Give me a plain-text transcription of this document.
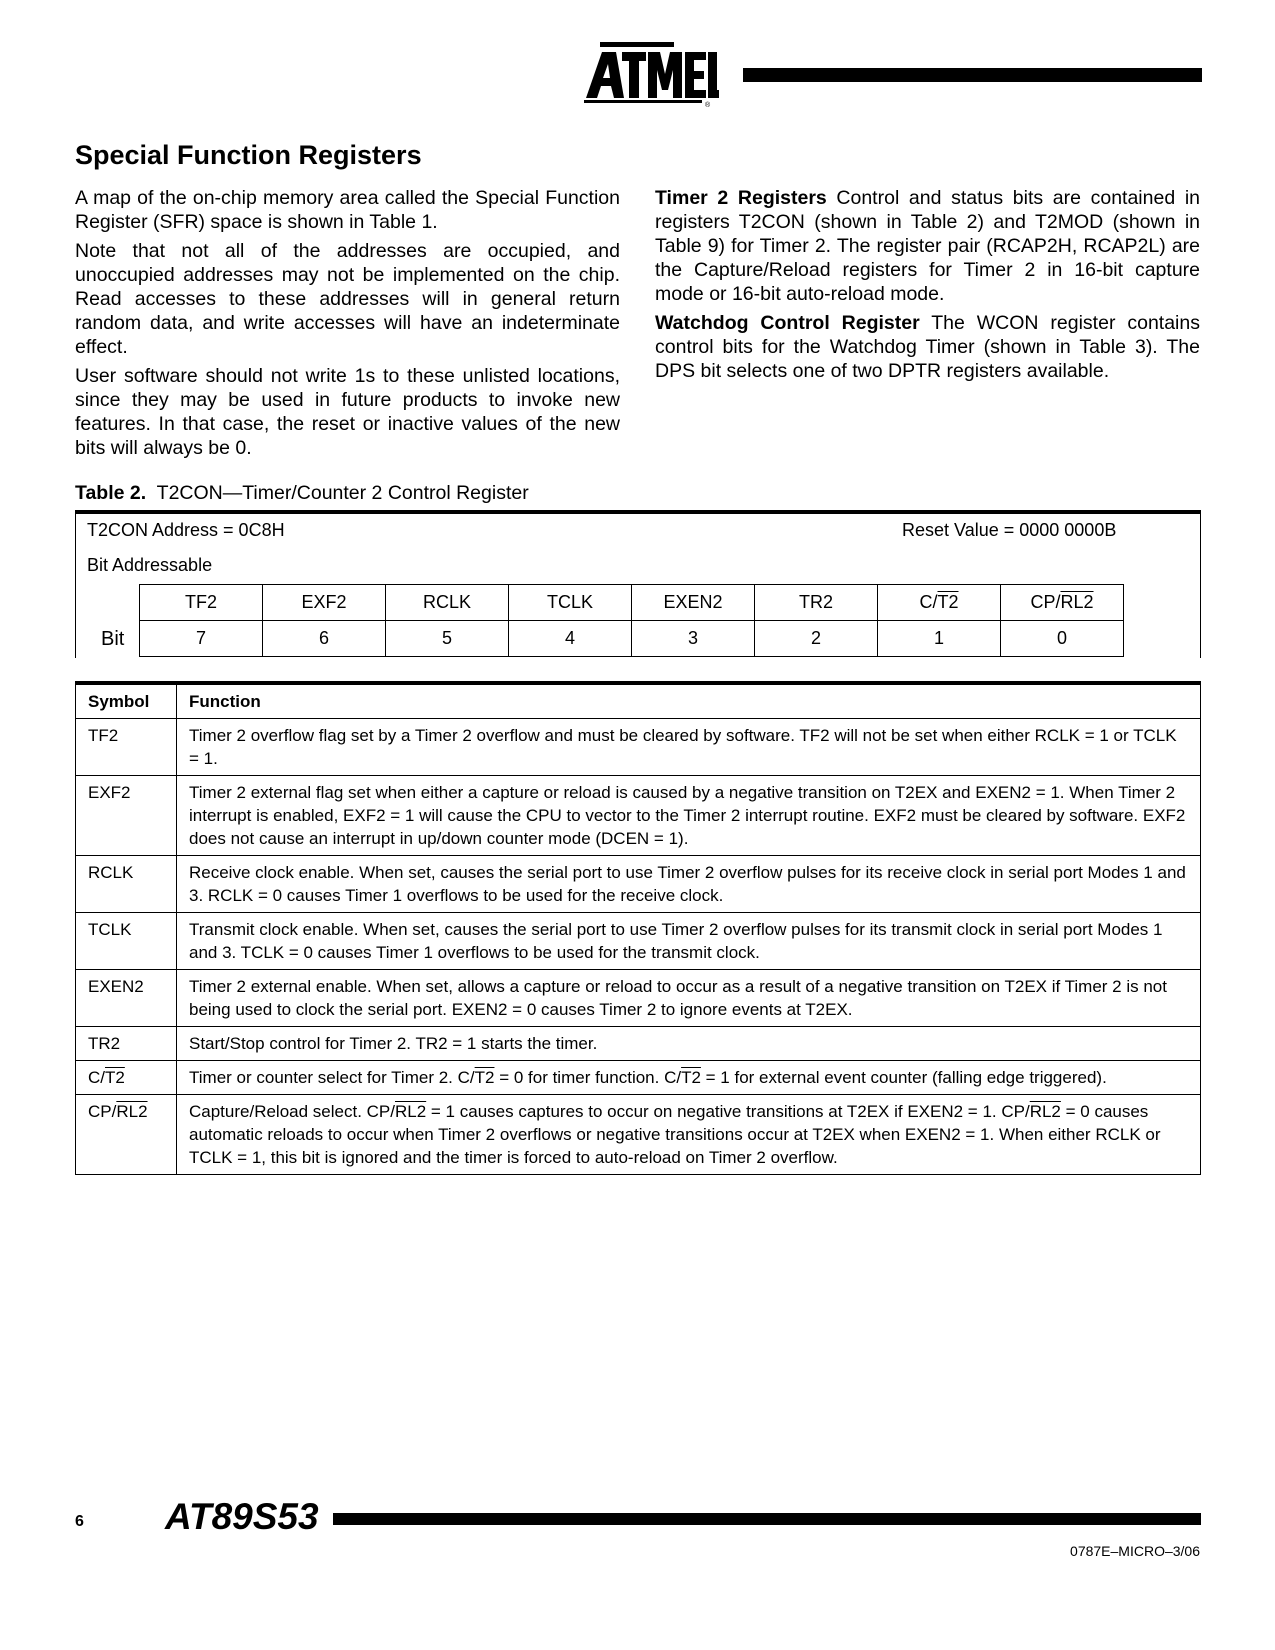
®
Special Function Registers

A map of the on-chip memory area called the Special Function Register (SFR) space is shown in Table 1.

Note that not all of the addresses are occupied, and unoccupied addresses may not be implemented on the chip. Read accesses to these addresses will in general return random data, and write accesses will have an indeterminate effect.

User software should not write 1s to these unlisted locations, since they may be used in future products to invoke new features. In that case, the reset or inactive values of the new bits will always be 0.

Timer 2 Registers Control and status bits are contained in registers T2CON (shown in Table 2) and T2MOD (shown in Table 9) for Timer 2. The register pair (RCAP2H, RCAP2L) are the Capture/Reload registers for Timer 2 in 16-bit capture mode or 16-bit auto-reload mode.

Watchdog Control Register The WCON register contains control bits for the Watchdog Timer (shown in Table 3). The DPS bit selects one of two DPTR registers available.

Table 2. T2CON—Timer/Counter 2 Control Register
T2CON Address = 0C8H	Reset Value = 0000 0000B
Bit Addressable
Bit
TF2	EXF2	RCLK	TCLK	EXEN2	TR2	C/T2	CP/RL2
7	6	5	4	3	2	1	0
Symbol	Function
TF2	Timer 2 overflow flag set by a Timer 2 overflow and must be cleared by software. TF2 will not be set when either RCLK = 1 or TCLK = 1.
EXF2	Timer 2 external flag set when either a capture or reload is caused by a negative transition on T2EX and EXEN2 = 1. When Timer 2 interrupt is enabled, EXF2 = 1 will cause the CPU to vector to the Timer 2 interrupt routine. EXF2 must be cleared by software. EXF2 does not cause an interrupt in up/down counter mode (DCEN = 1).
RCLK	Receive clock enable. When set, causes the serial port to use Timer 2 overflow pulses for its receive clock in serial port Modes 1 and 3. RCLK = 0 causes Timer 1 overflows to be used for the receive clock.
TCLK	Transmit clock enable. When set, causes the serial port to use Timer 2 overflow pulses for its transmit clock in serial port Modes 1 and 3. TCLK = 0 causes Timer 1 overflows to be used for the transmit clock.
EXEN2	Timer 2 external enable. When set, allows a capture or reload to occur as a result of a negative transition on T2EX if Timer 2 is not being used to clock the serial port. EXEN2 = 0 causes Timer 2 to ignore events at T2EX.
TR2	Start/Stop control for Timer 2. TR2 = 1 starts the timer.
C/T2	Timer or counter select for Timer 2. C/T2 = 0 for timer function. C/T2 = 1 for external event counter (falling edge triggered).
CP/RL2	Capture/Reload select. CP/RL2 = 1 causes captures to occur on negative transitions at T2EX if EXEN2 = 1. CP/RL2 = 0 causes automatic reloads to occur when Timer 2 overflows or negative transitions occur at T2EX when EXEN2 = 1. When either RCLK or TCLK = 1, this bit is ignored and the timer is forced to auto-reload on Timer 2 overflow.
6 AT89S53
0787E–MICRO–3/06
